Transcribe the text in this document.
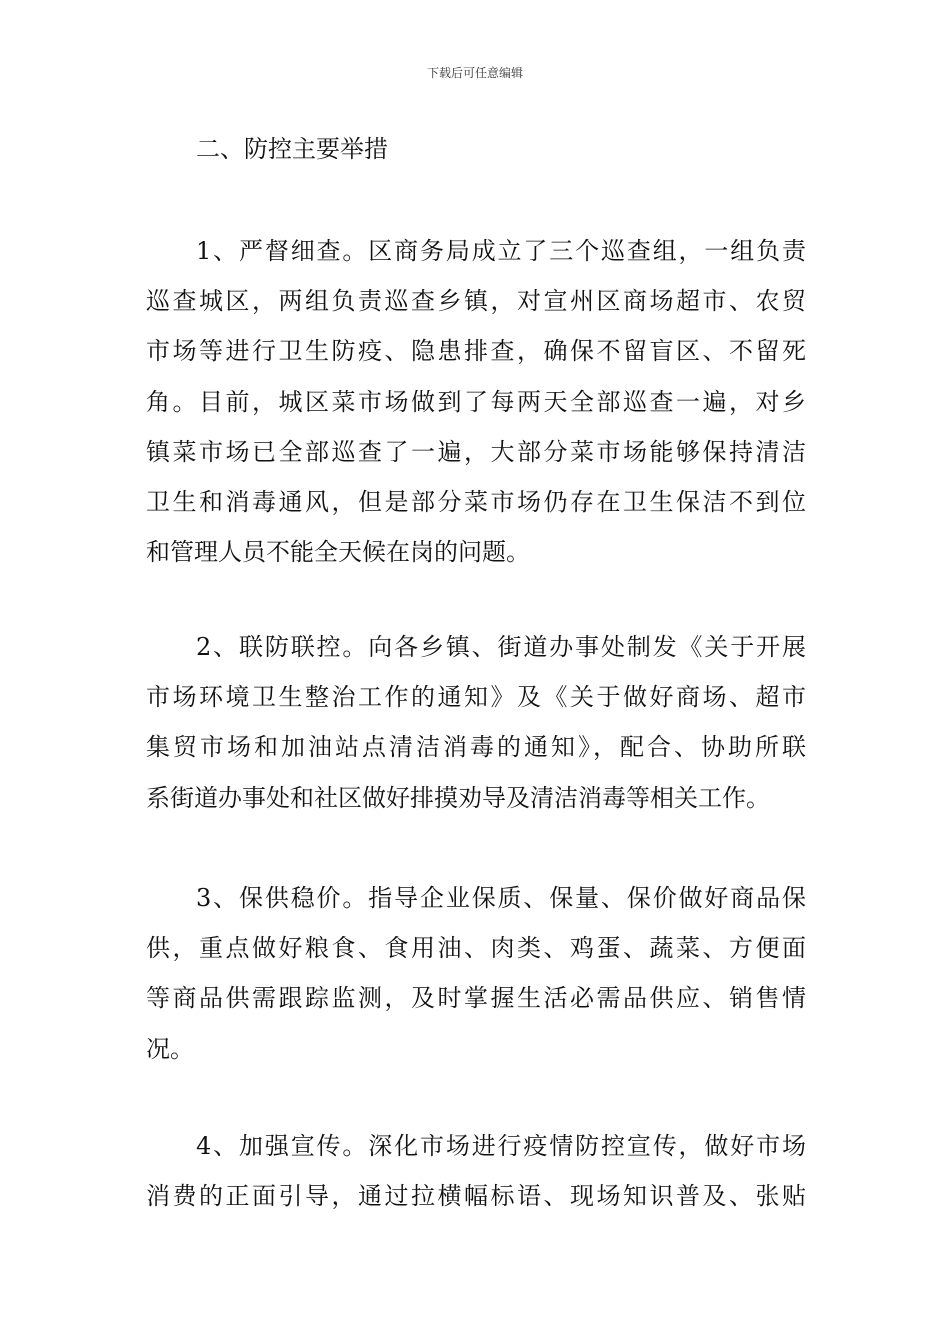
下载后可任意编辑
二、防控主要举措
1、严督细查。区商务局成立了三个巡查组，一组负责
巡查城区，两组负责巡查乡镇，对宣州区商场超市、农贸
市场等进行卫生防疫、隐患排查，确保不留盲区、不留死
角。目前，城区菜市场做到了每两天全部巡查一遍，对乡
镇菜市场已全部巡查了一遍，大部分菜市场能够保持清洁
卫生和消毒通风，但是部分菜市场仍存在卫生保洁不到位
和管理人员不能全天候在岗的问题。
2、联防联控。向各乡镇、街道办事处制发《关于开展
市场环境卫生整治工作的通知》及《关于做好商场、超市
集贸市场和加油站点清洁消毒的通知》，配合、协助所联
系街道办事处和社区做好排摸劝导及清洁消毒等相关工作。
3、保供稳价。指导企业保质、保量、保价做好商品保
供，重点做好粮食、食用油、肉类、鸡蛋、蔬菜、方便面
等商品供需跟踪监测，及时掌握生活必需品供应、销售情
况。
4、加强宣传。深化市场进行疫情防控宣传，做好市场
消费的正面引导，通过拉横幅标语、现场知识普及、张贴
